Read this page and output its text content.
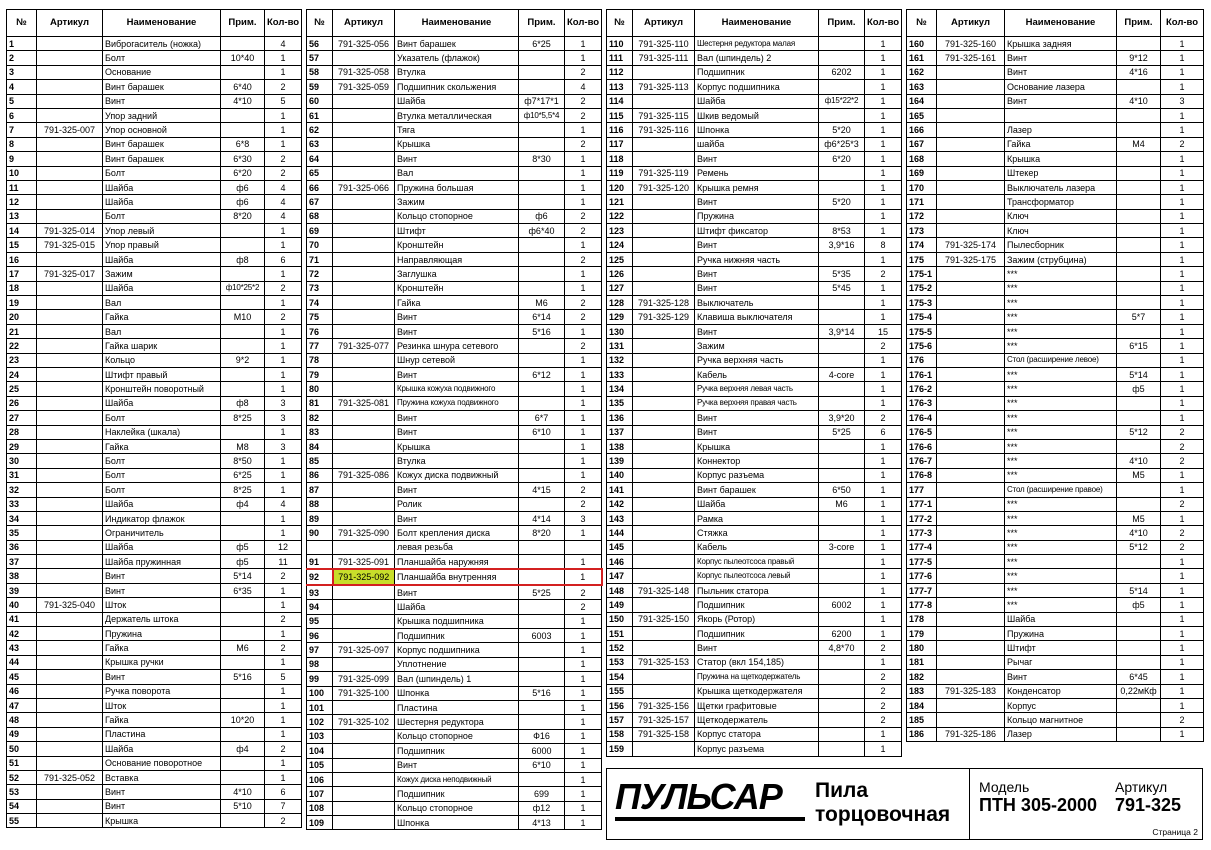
№	Артикул	Наименование	Прим.	Кол-во
1		Виброгаситель (ножка)		4
2		Болт	10*40	1
3		Основание		1
4		Винт барашек	6*40	2
5		Винт	4*10	5
6		Упор задний		1
7	791-325-007	Упор основной		1
8		Винт барашек	6*8	1
9		Винт барашек	6*30	2
10		Болт	6*20	2
11		Шайба	ф6	4
12		Шайба	ф6	4
13		Болт	8*20	4
14	791-325-014	Упор левый		1
15	791-325-015	Упор правый		1
16		Шайба	ф8	6
17	791-325-017	Зажим		1
18		Шайба	ф10*25*2	2
19		Вал		1
20		Гайка	M10	2
21		Вал		1
22		Гайка шарик		1
23		Кольцо	9*2	1
24		Штифт правый		1
25		Кронштейн поворотный		1
26		Шайба	ф8	3
27		Болт	8*25	3
28		Наклейка (шкала)		1
29		Гайка	M8	3
30		Болт	8*50	1
31		Болт	6*25	1
32		Болт	8*25	1
33		Шайба	ф4	4
34		Индикатор флажок		1
35		Ограничитель		1
36		Шайба	ф5	12
37		Шайба пружинная	ф5	11
38		Винт	5*14	2
39		Винт	6*35	1
40	791-325-040	Шток		1
41		Держатель штока		2
42		Пружина		1
43		Гайка	M6	2
44		Крышка ручки		1
45		Винт	5*16	5
46		Ручка поворота		1
47		Шток		1
48		Гайка	10*20	1
49		Пластина		1
50		Шайба	ф4	2
51		Основание поворотное		1
52	791-325-052	Вставка		1
53		Винт	4*10	6
54		Винт	5*10	7
55		Крышка		2
№	Артикул	Наименование	Прим.	Кол-во
56	791-325-056	Винт барашек	6*25	1
57		Указатель (флажок)		1
58	791-325-058	Втулка		2
59	791-325-059	Подшипник скольжения		4
60		Шайба	ф7*17*1	2
61		Втулка металлическая	ф10*5,5*4	2
62		Тяга		1
63		Крышка		2
64		Винт	8*30	1
65		Вал		1
66	791-325-066	Пружина большая		1
67		Зажим		1
68		Кольцо стопорное	ф6	2
69		Штифт	ф6*40	2
70		Кронштейн		1
71		Направляющая		2
72		Заглушка		1
73		Кронштейн		1
74		Гайка	M6	2
75		Винт	6*14	2
76		Винт	5*16	1
77	791-325-077	Резинка шнура сетевого		2
78		Шнур сетевой		1
79		Винт	6*12	1
80		Крышка кожуха подвижного		1
81	791-325-081	Пружина кожуха подвижного		1
82		Винт	6*7	1
83		Винт	6*10	1
84		Крышка		1
85		Втулка		1
86	791-325-086	Кожух диска подвижный		1
87		Винт	4*15	2
88		Ролик		2
89		Винт	4*14	3
90	791-325-090	Болт крепления диска	8*20	1
		левая резьба		
91	791-325-091	Планшайба наружняя		1
92	791-325-092	Планшайба внутренняя		1
93		Винт	5*25	2
94		Шайба		2
95		Крышка подшипника		1
96		Подшипник	6003	1
97	791-325-097	Корпус подшипника		1
98		Уплотнение		1
99	791-325-099	Вал (шпиндель) 1		1
100	791-325-100	Шпонка	5*16	1
101		Пластина		1
102	791-325-102	Шестерня редуктора		1
103		Кольцо стопорное	Ф16	1
104		Подшипник	6000	1
105		Винт	6*10	1
106		Кожух диска неподвижный		1
107		Подшипник	699	1
108		Кольцо стопорное	ф12	1
109		Шпонка	4*13	1
№	Артикул	Наименование	Прим.	Кол-во
110	791-325-110	Шестерня редуктора малая		1
111	791-325-111	Вал (шпиндель) 2		1
112		Подшипник	6202	1
113	791-325-113	Корпус подшипника		1
114		Шайба	ф15*22*2	1
115	791-325-115	Шкив ведомый		1
116	791-325-116	Шпонка	5*20	1
117		шайба	ф6*25*3	1
118		Винт	6*20	1
119	791-325-119	Ремень		1
120	791-325-120	Крышка ремня		1
121		Винт	5*20	1
122		Пружина		1
123		Штифт фиксатор	8*53	1
124		Винт	3,9*16	8
125		Ручка нижняя часть		1
126		Винт	5*35	2
127		Винт	5*45	1
128	791-325-128	Выключатель		1
129	791-325-129	Клавиша выключателя		1
130		Винт	3,9*14	15
131		Зажим		2
132		Ручка верхняя часть		1
133		Кабель	4-core	1
134		Ручка верхняя левая часть		1
135		Ручка верхняя правая часть		1
136		Винт	3,9*20	2
137		Винт	5*25	6
138		Крышка		1
139		Коннектор		1
140		Корпус разъема		1
141		Винт барашек	6*50	1
142		Шайба	M6	1
143		Рамка		1
144		Стяжка		1
145		Кабель	3-core	1
146		Корпус пылеотсоса правый		1
147		Корпус пылеотсоса левый		1
148	791-325-148	Пыльник статора		1
149		Подшипник	6002	1
150	791-325-150	Якорь (Ротор)		1
151		Подшипник	6200	1
152		Винт	4,8*70	2
153	791-325-153	Статор (вкл 154,185)		1
154		Пружина на щеткодержатель		2
155		Крышка щеткодержателя		2
156	791-325-156	Щетки графитовые		2
157	791-325-157	Щеткодержатель		2
158	791-325-158	Корпус статора		1
159		Корпус разъема		1
№	Артикул	Наименование	Прим.	Кол-во
160	791-325-160	Крышка задняя		1
161	791-325-161	Винт	9*12	1
162		Винт	4*16	1
163		Основание лазера		1
164		Винт	4*10	3
165				1
166		Лазер		1
167		Гайка	M4	2
168		Крышка		1
169		Штекер		1
170		Выключатель лазера		1
171		Трансформатор		1
172		Ключ		1
173		Ключ		1
174	791-325-174	Пылесборник		1
175	791-325-175	Зажим (струбцина)		1
175-1		***		1
175-2		***		1
175-3		***		1
175-4		***	5*7	1
175-5		***		1
175-6		***	6*15	1
176		Стол (расширение левое)		1
176-1		***	5*14	1
176-2		***	ф5	1
176-3		***		1
176-4		***		1
176-5		***	5*12	2
176-6		***		2
176-7		***	4*10	2
176-8		***	M5	1
177		Стол (расширение правое)		1
177-1		***		2
177-2		***	M5	1
177-3		***	4*10	2
177-4		***	5*12	2
177-5		***		1
177-6		***		1
177-7		***	5*14	1
177-8		***	ф5	1
178		Шайба		1
179		Пружина		1
180		Штифт		1
181		Рычаг		1
182		Винт	6*45	1
183	791-325-183	Конденсатор	0,22мКф	1
184		Корпус		1
185		Кольцо магнитное		2
186	791-325-186	Лазер		1
ПУЛЬСАР Пила
торцовочная
Модель
ПТН 305-2000
Артикул
791-325
Страница 2
